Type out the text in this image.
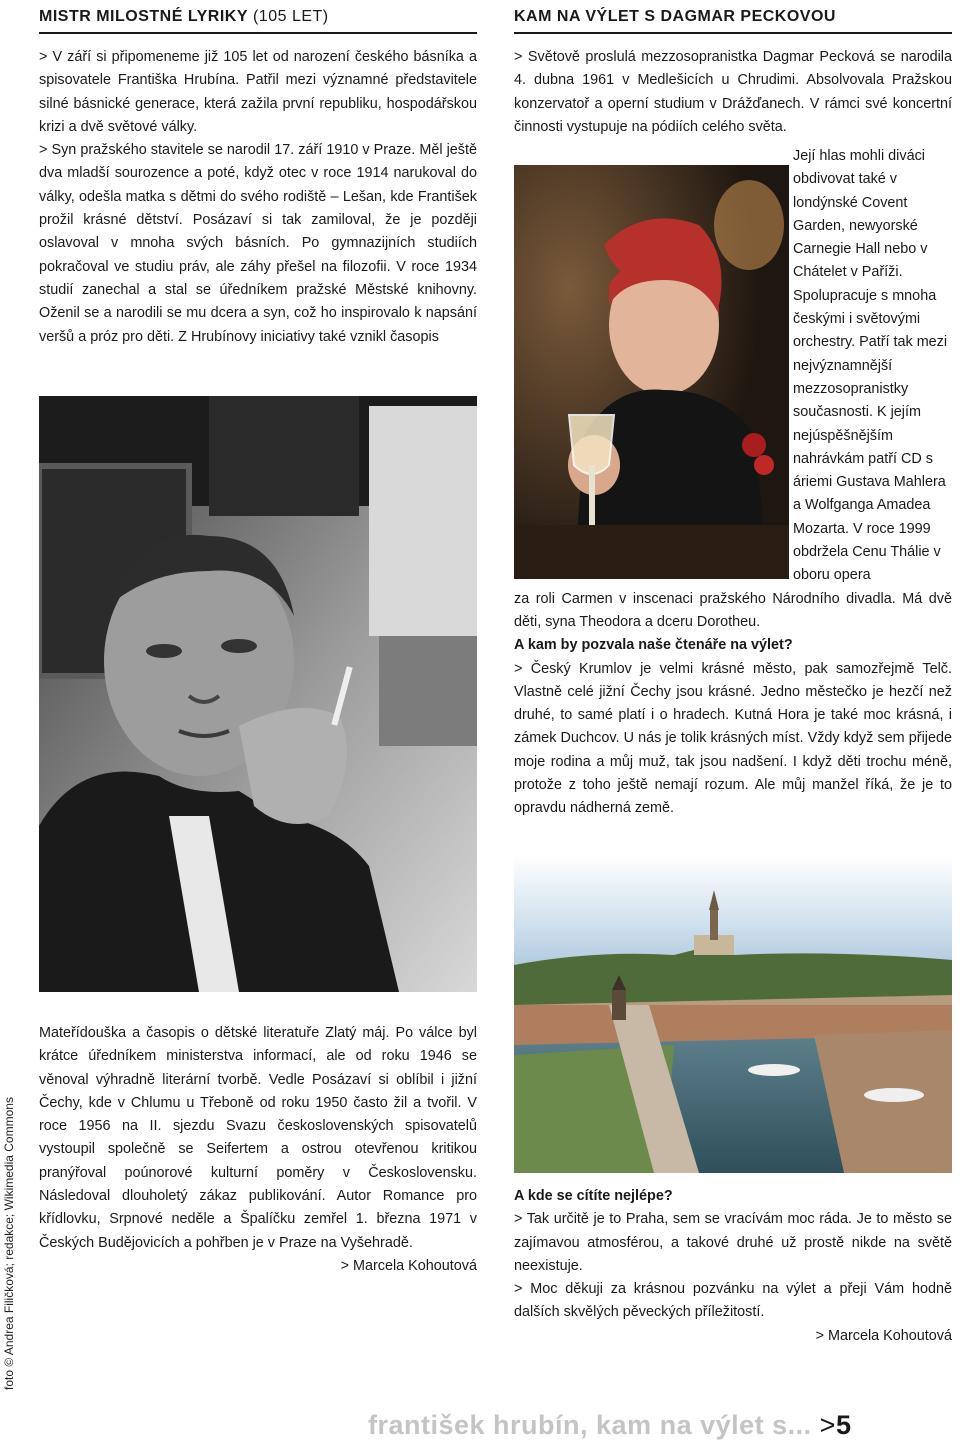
MISTR MILOSTNÉ LYRIKY (105 LET)

> V září si připomeneme již 105 let od narození českého básníka a spisovatele Františka Hrubína. Patřil mezi významné představitele silné básnické generace, která zažila první republiku, hospodářskou krizi a dvě světové války.

> Syn pražského stavitele se narodil 17. září 1910 v Praze. Měl ještě dva mladší sourozence a poté, když otec v roce 1914 narukoval do války, odešla matka s dětmi do svého rodiště – Lešan, kde František prožil krásné dětství. Posázaví si tak zamiloval, že je později oslavoval v mnoha svých básních. Po gymnazijních studiích pokračoval ve studiu práv, ale záhy přešel na filozofii. V roce 1934 studií zanechal a stal se úředníkem pražské Městské knihovny. Oženil se a narodili se mu dcera a syn, což ho inspirovalo k napsání veršů a próz pro děti. Z Hrubínovy iniciativy také vznikl časopis

Mateřídouška a časopis o dětské literatuře Zlatý máj. Po válce byl krátce úředníkem ministerstva informací, ale od roku 1946 se věnoval výhradně literární tvorbě. Vedle Posázaví si oblíbil i jižní Čechy, kde v Chlumu u Třeboně od roku 1950 často žil a tvořil. V roce 1956 na II. sjezdu Svazu československých spisovatelů vystoupil společně se Seifertem a ostrou otevřenou kritikou pranýřoval poúnorové kulturní poměry v Československu. Následoval dlouholetý zákaz publikování. Autor Romance pro křídlovku, Srpnové neděle a Špalíčku zemřel 1. března 1971 v Českých Budějovicích a pohřben je v Praze na Vyšehradě.

> Marcela Kohoutová

KAM NA VÝLET S DAGMAR PECKOVOU

> Světově proslulá mezzosopranistka Dagmar Pecková se narodila 4. dubna 1961 v Medlešicích u Chrudimi. Absolvovala Pražskou konzervatoř a operní studium v Drážďanech. V rámci své koncertní činnosti vystupuje na pódiích celého světa.

Její hlas mohli diváci obdivovat také v londýnské Covent Garden, newyorské Carnegie Hall nebo v Chátelet v Paříži. Spolupracuje s mnoha českými i světovými orchestry. Patří tak mezi nejvýznamnější mezzosopranistky současnosti. K jejím nejúspěšnějším nahrávkám patří CD s áriemi Gustava Mahlera a Wolfganga Amadea Mozarta. V roce 1999 obdržela Cenu Thálie v oboru opera

za roli Carmen v inscenaci pražského Národního divadla. Má dvě děti, syna Theodora a dceru Dorotheu.

A kam by pozvala naše čtenáře na výlet?

> Český Krumlov je velmi krásné město, pak samozřejmě Telč. Vlastně celé jižní Čechy jsou krásné. Jedno městečko je hezčí než druhé, to samé platí i o hradech. Kutná Hora je také moc krásná, i zámek Duchcov. U nás je tolik krásných míst. Vždy když sem přijede moje rodina a můj muž, tak jsou nadšení. I když děti trochu méně, protože z toho ještě nemají rozum. Ale můj manžel říká, že je to opravdu nádherná země.

A kde se cítíte nejlépe?

> Tak určitě je to Praha, sem se vracívám moc ráda. Je to město se zajímavou atmosférou, a takové druhé už prostě nikde na světě neexistuje.

> Moc děkuji za krásnou pozvánku na výlet a přeji Vám hodně dalších skvělých pěveckých příležitostí.

> Marcela Kohoutová

foto © Andrea Filičková; redakce; Wikimedia Commons
františek hrubín, kam na výlet s... >5
